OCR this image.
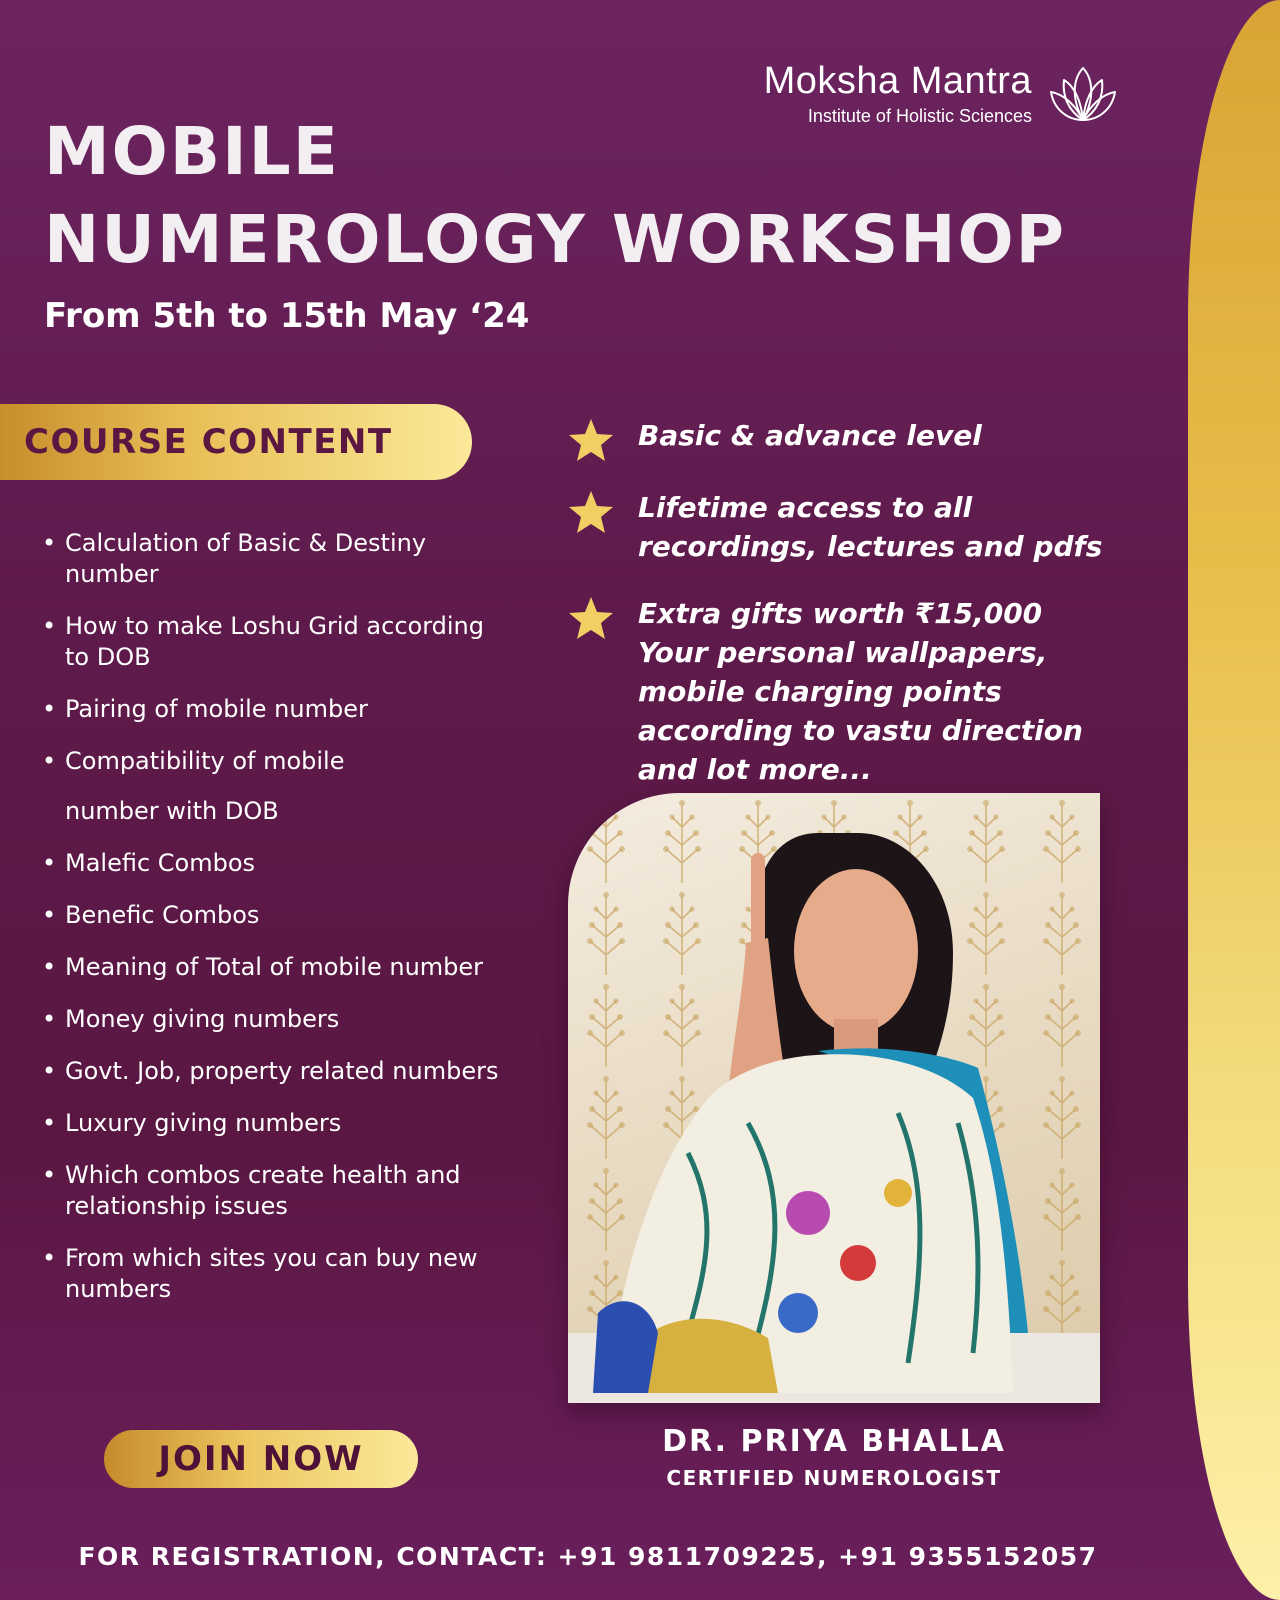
Moksha Mantra
Institute of Holistic Sciences
MOBILE
NUMEROLOGY WORKSHOP
From 5th to 15th May ‘24
COURSE CONTENT
• Calculation of Basic & Destiny number
• How to make Loshu Grid according to DOB
• Pairing of mobile number
• Compatibility of mobile
number with DOB
• Malefic Combos
• Benefic Combos
• Meaning of Total of mobile number
• Money giving numbers
• Govt. Job, property related numbers
• Luxury giving numbers
• Which combos create health and relationship issues
• From which sites you can buy new numbers

Basic & advance level

Lifetime access to all recordings, lectures and pdfs

Extra gifts worth ₹15,000

Your personal wallpapers, mobile charging points according to vastu direction and lot more...

DR. PRIYA BHALLA
CERTIFIED NUMEROLOGIST
JOIN NOW
FOR REGISTRATION, CONTACT: +91 9811709225, +91 9355152057
